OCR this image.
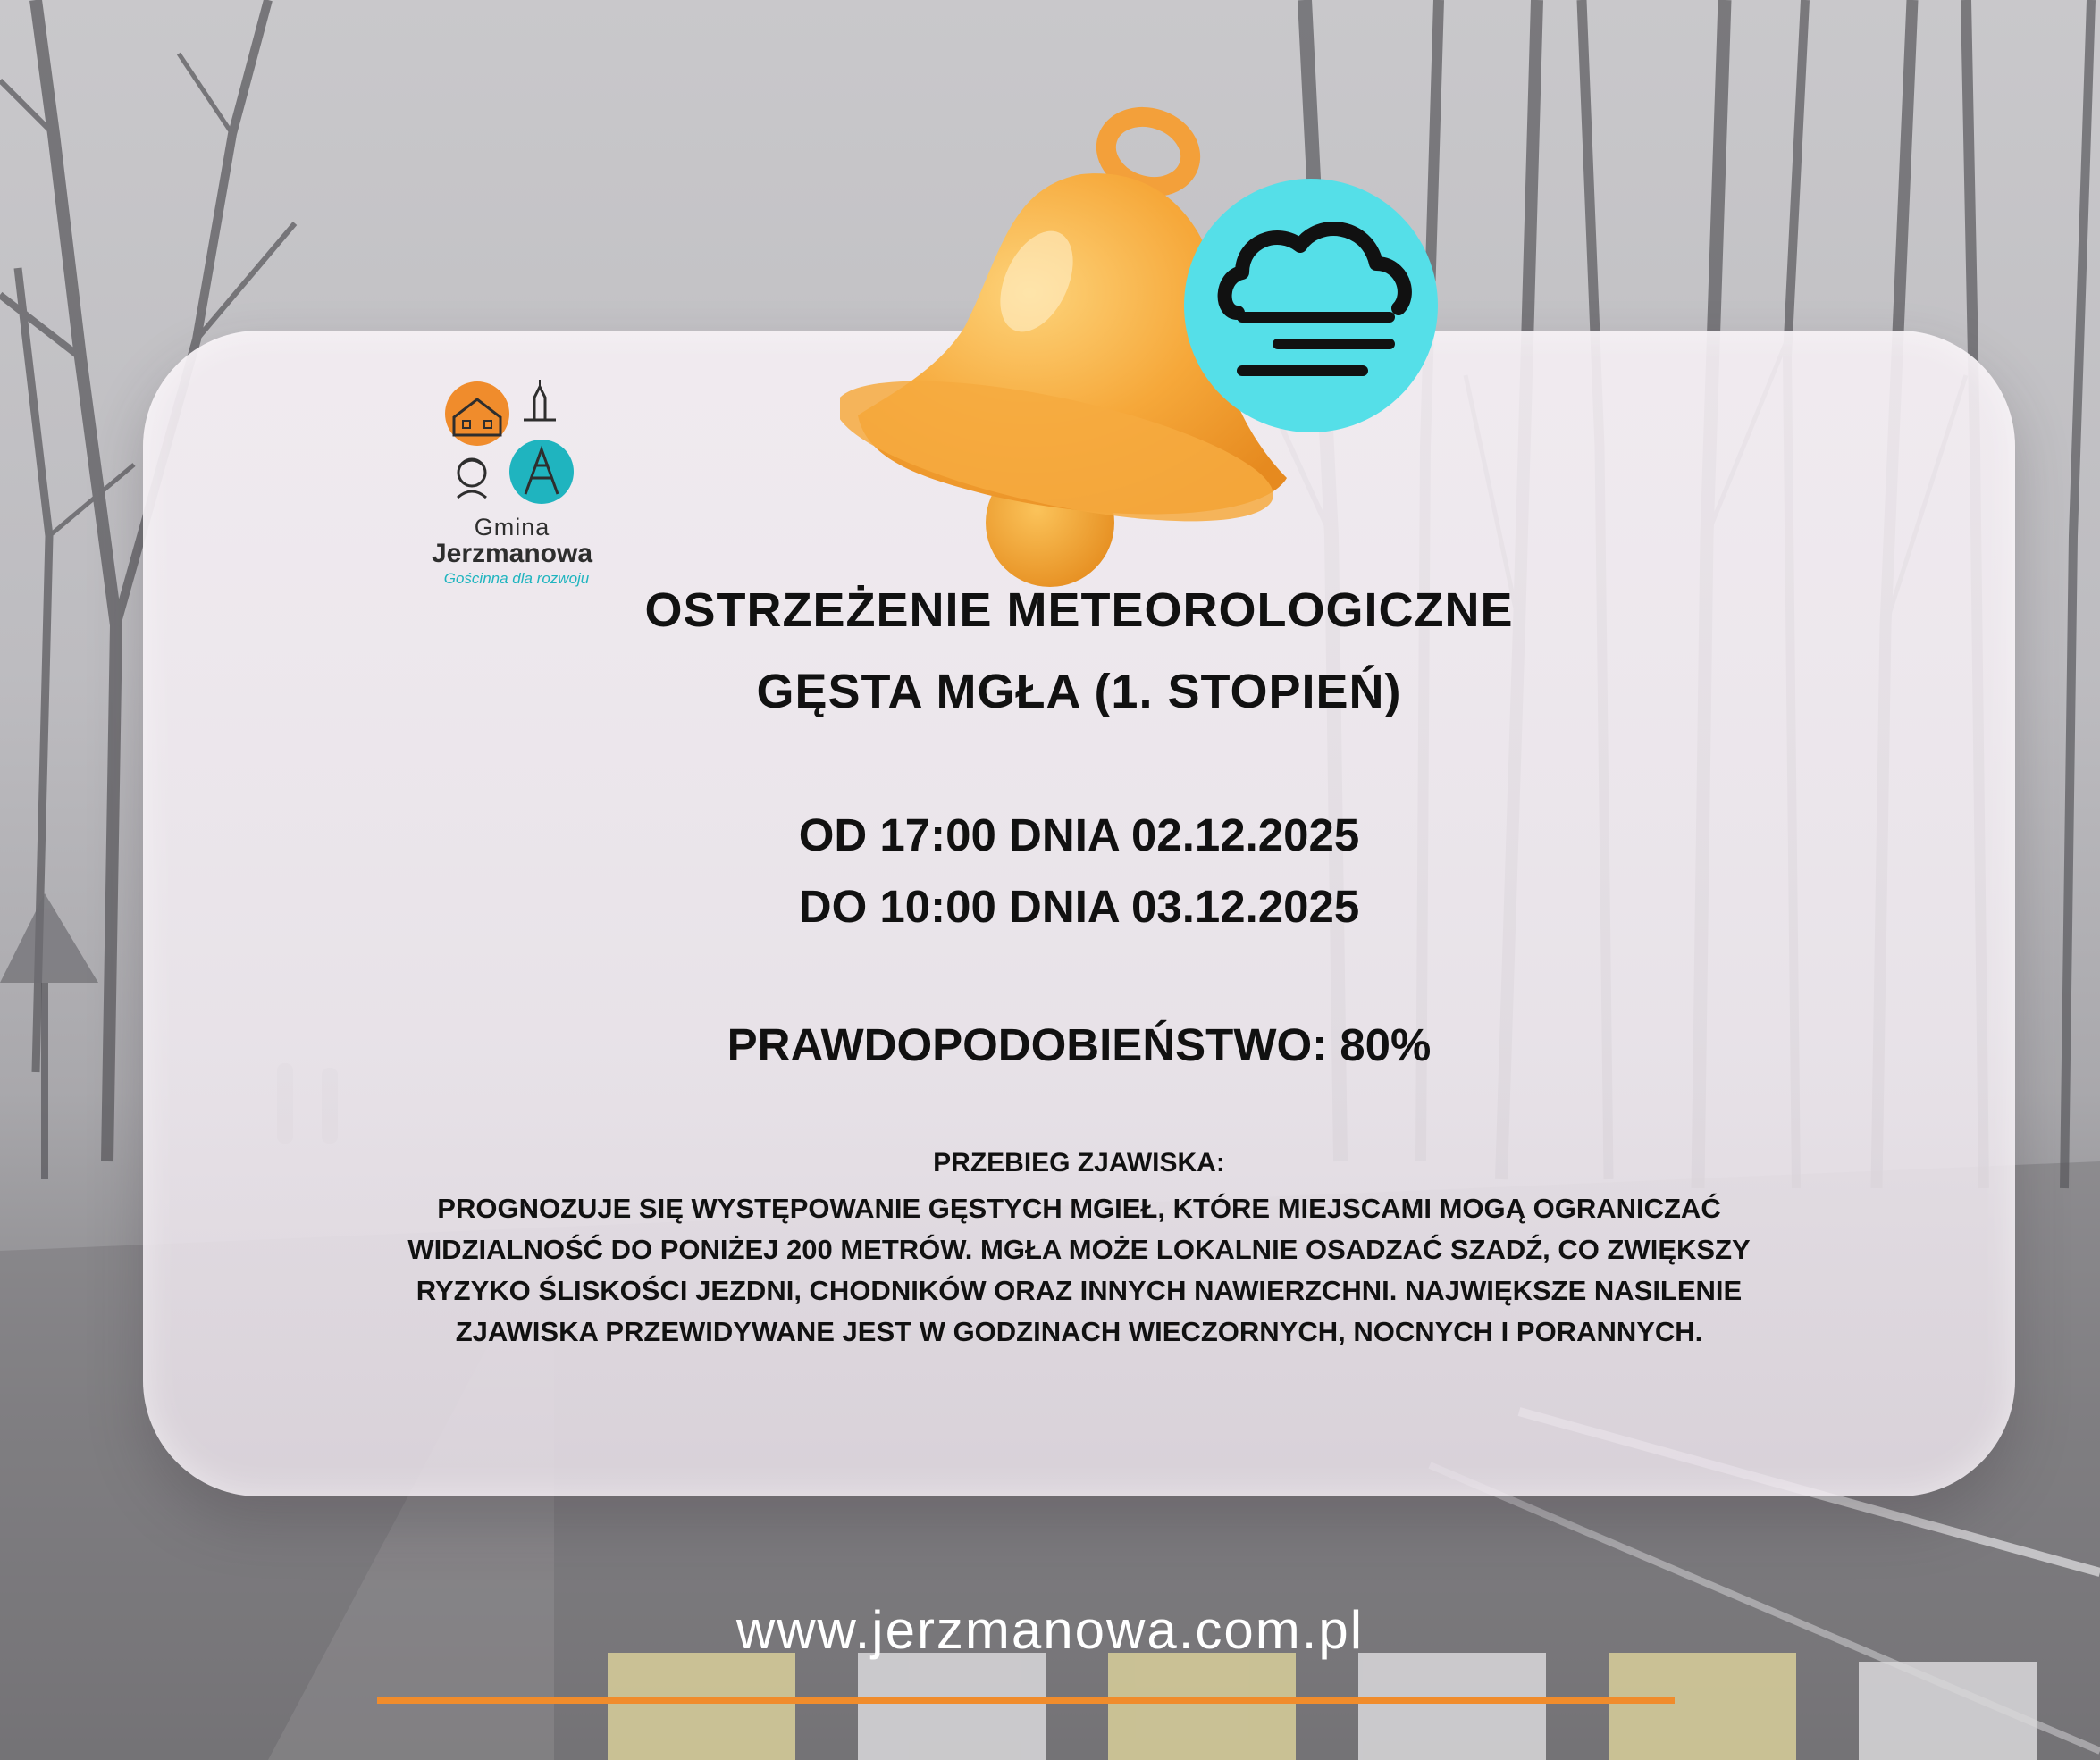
Gmina
Jerzmanowa
Gościnna dla rozwoju
OSTRZEŻENIE METEOROLOGICZNE
GĘSTA MGŁA (1. STOPIEŃ)
OD 17:00 DNIA 02.12.2025
DO 10:00 DNIA 03.12.2025
PRAWDOPODOBIEŃSTWO: 80%
PRZEBIEG ZJAWISKA:
PROGNOZUJE SIĘ WYSTĘPOWANIE GĘSTYCH MGIEŁ, KTÓRE MIEJSCAMI MOGĄ OGRANICZAĆ
WIDZIALNOŚĆ DO PONIŻEJ 200 METRÓW. MGŁA MOŻE LOKALNIE OSADZAĆ SZADŹ, CO ZWIĘKSZY
RYZYKO ŚLISKOŚCI JEZDNI, CHODNIKÓW ORAZ INNYCH NAWIERZCHNI. NAJWIĘKSZE NASILENIE
ZJAWISKA PRZEWIDYWANE JEST W GODZINACH WIECZORNYCH, NOCNYCH I PORANNYCH.
www.jerzmanowa.com.pl
